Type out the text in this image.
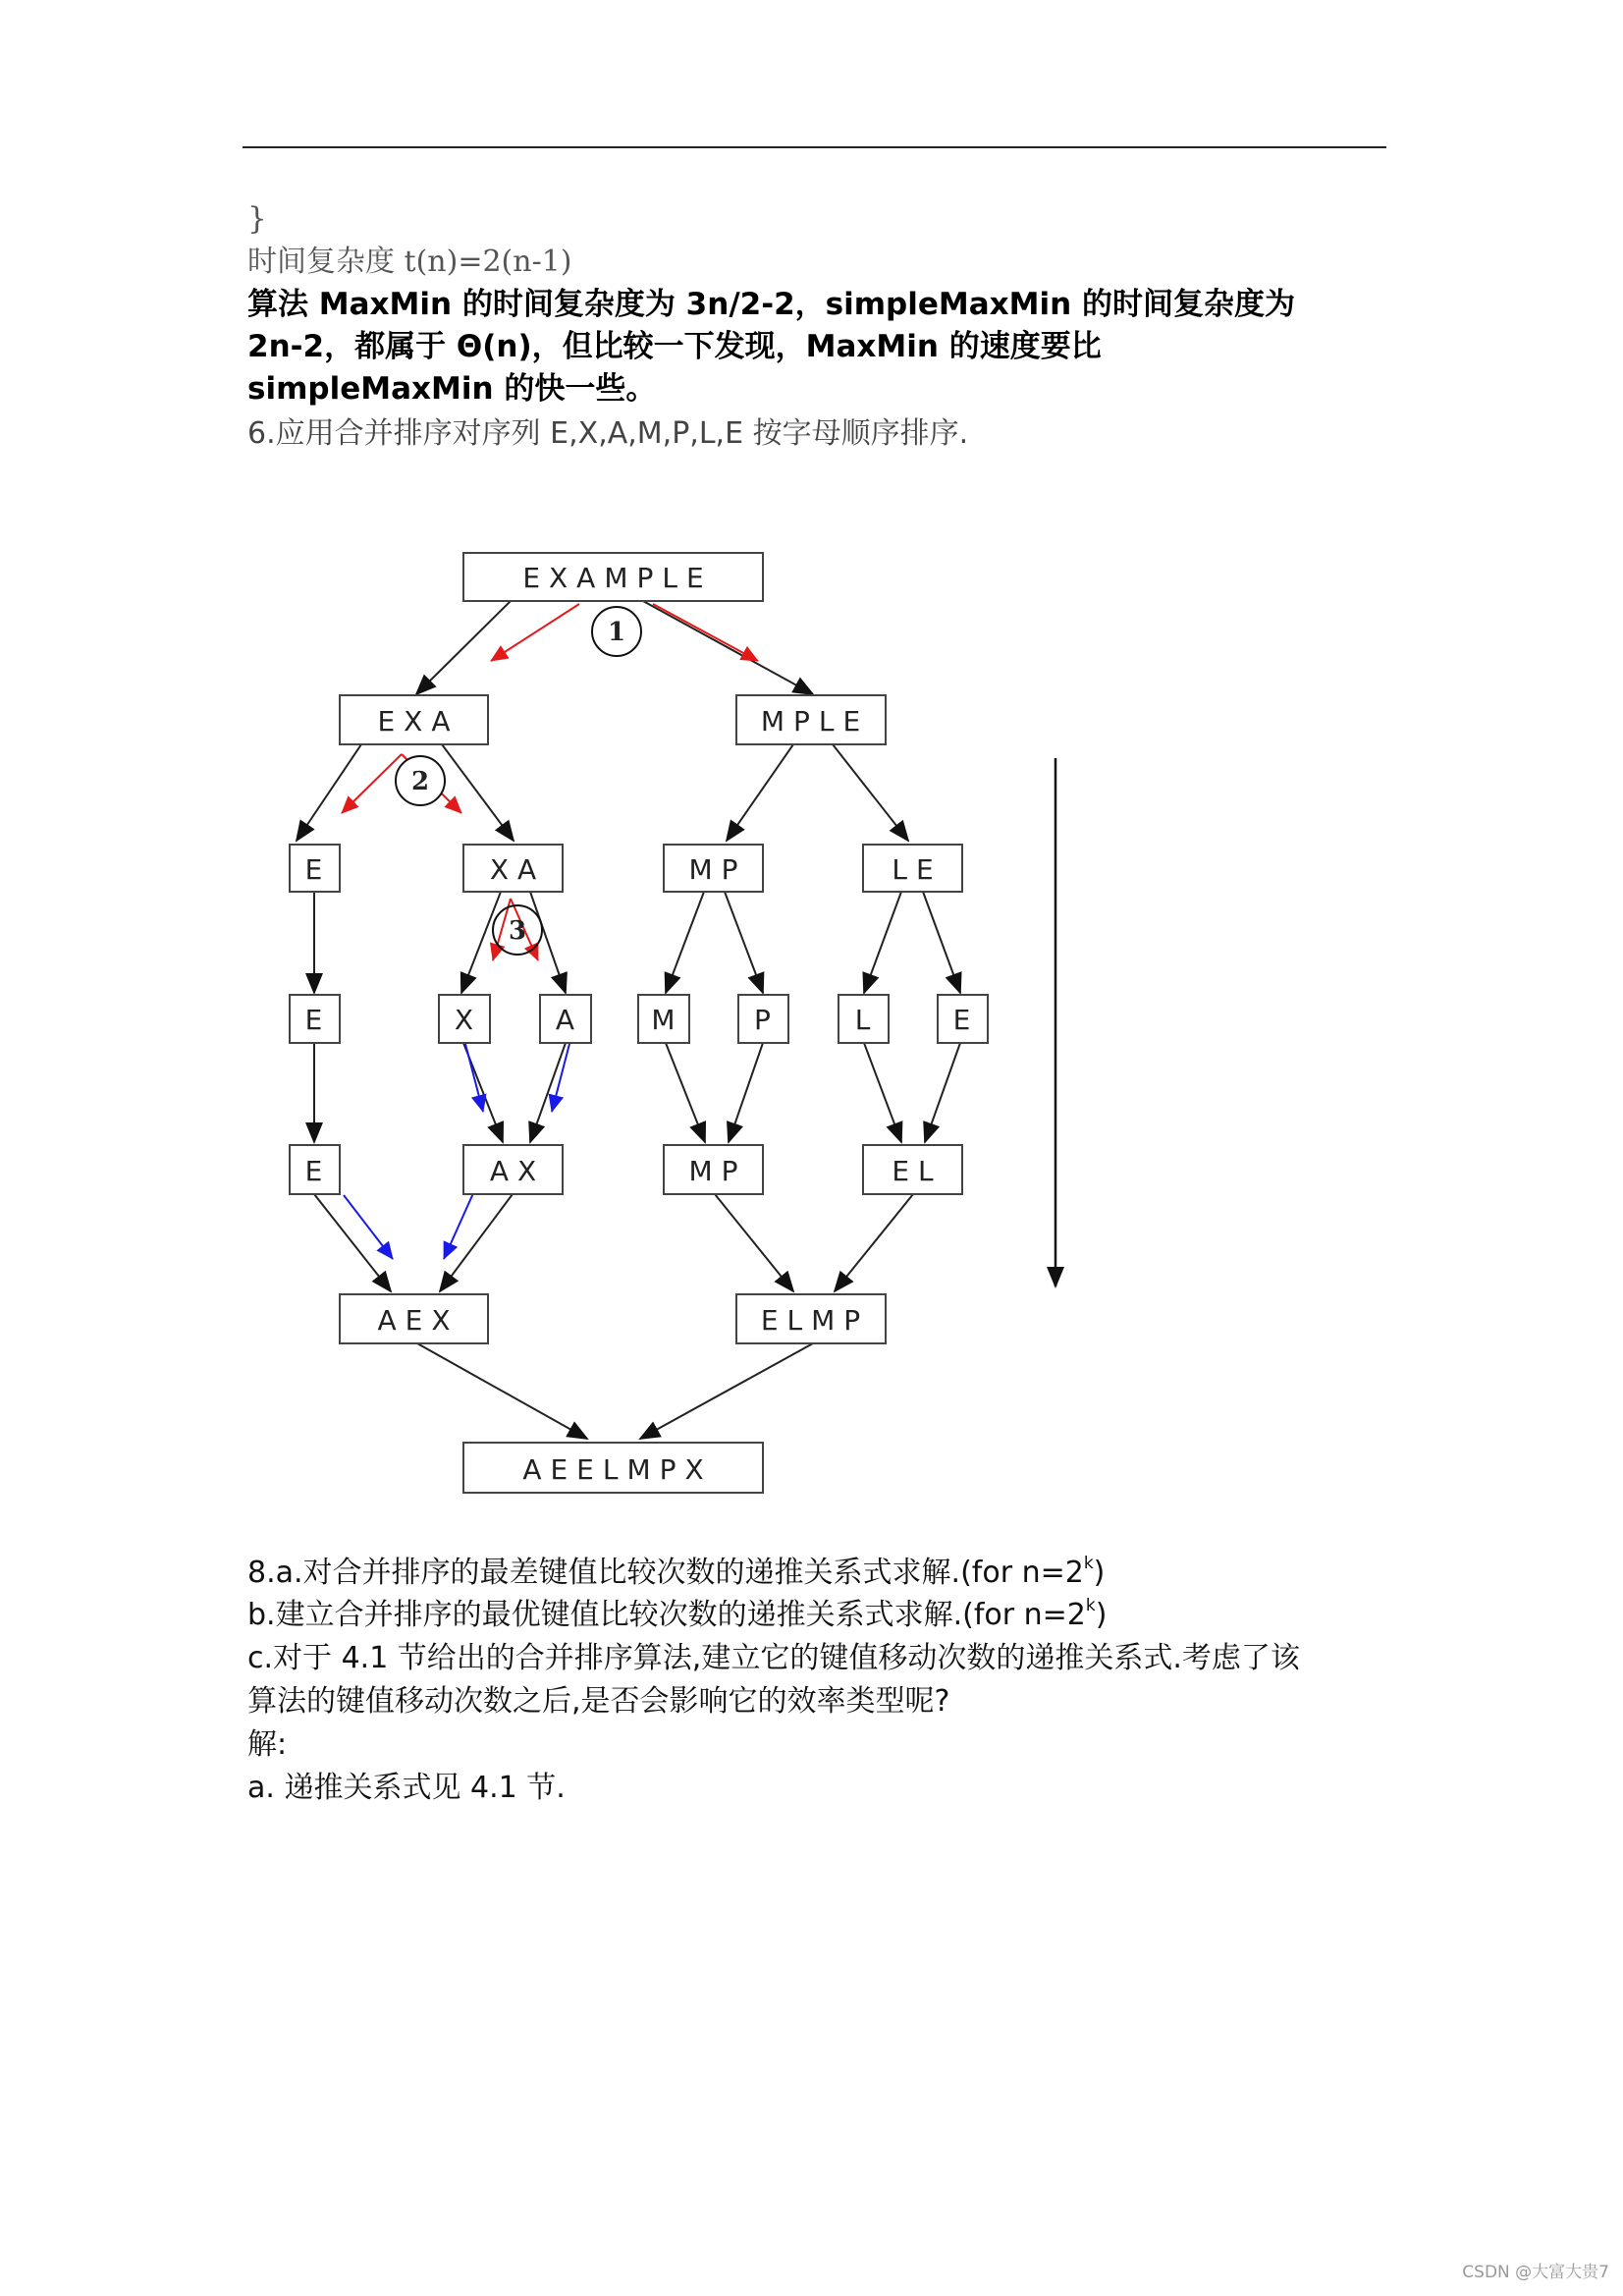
}
时间复杂度 t(n)=2(n-1)
算法 MaxMin 的时间复杂度为 3n/2-2，simpleMaxMin 的时间复杂度为
2n-2，都属于 Θ(n)，但比较一下发现，MaxMin 的速度要比
simpleMaxMin 的快一些。
6.应用合并排序对序列 E,X,A,M,P,L,E 按字母顺序排序.
EXAMPLE
EXA	MPLE
E	XA	MP	LE
E	X	A M	P	L	E
E	AX	MP	EL
AEX	ELMP
AEELMPX
1
2
3
8.a.对合并排序的最差键值比较次数的递推关系式求解.(for $n=2^k$)
b.建立合并排序的最优键值比较次数的递推关系式求解.(for $n=2^k$)
c.对于 4.1 节给出的合并排序算法,建立它的键值移动次数的递推关系式.考虑了该
算法的键值移动次数之后,是否会影响它的效率类型呢?
解:
a. 递推关系式见 4.1 节.
CSDN @大富大贵7
